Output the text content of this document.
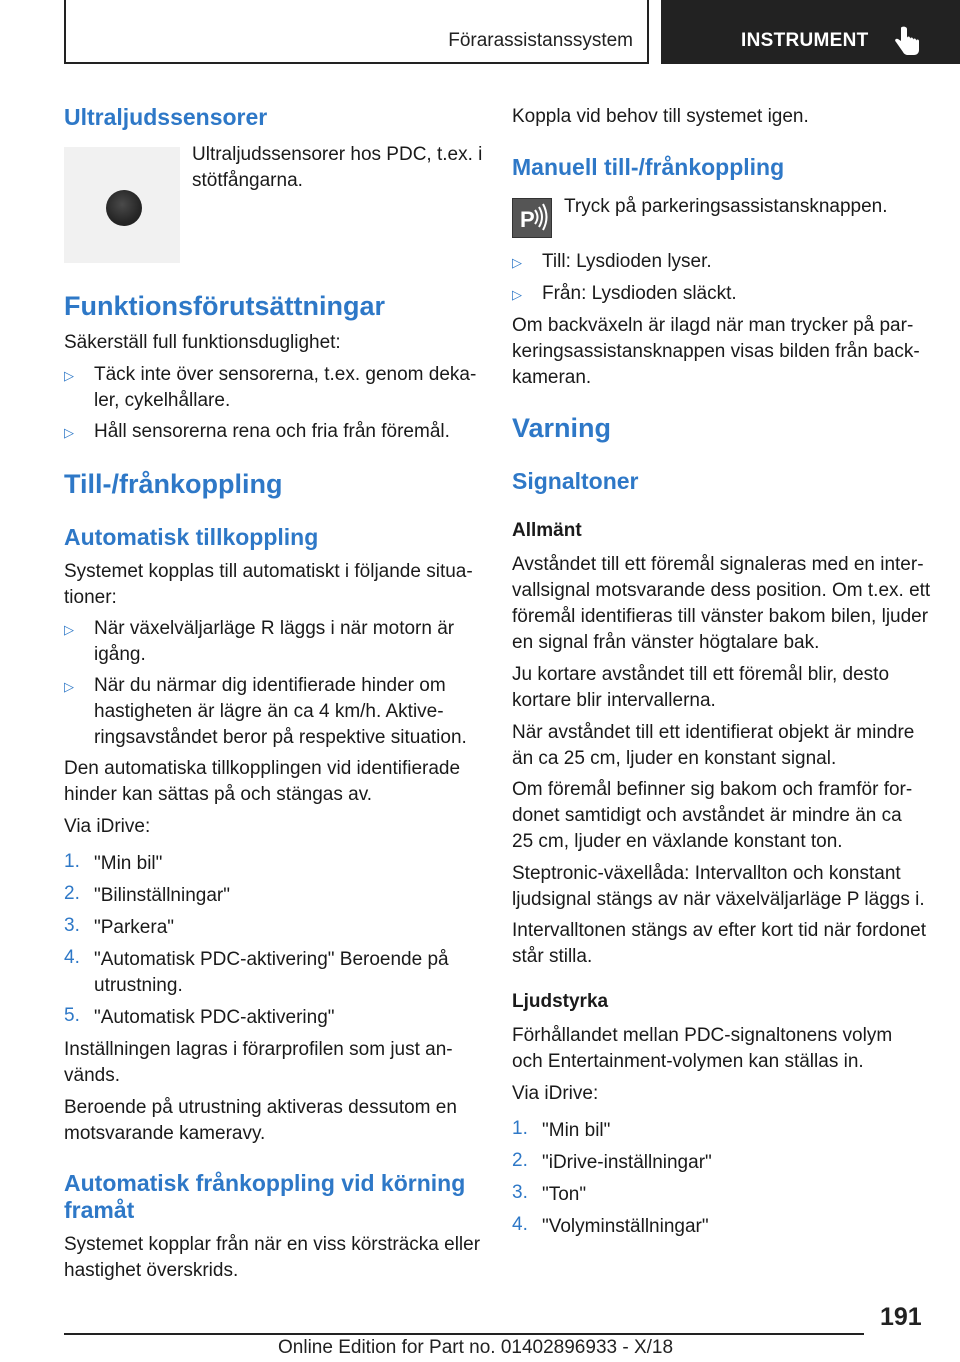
Förarassistanssystem	INSTRUMENT
Ultraljudssensorer
Ultraljudssensorer hos PDC, t.ex. i
stötfångarna.
Funktionsförutsättningar
Säkerställ full funktionsduglighet:
▷ Täck inte över sensorerna, t.ex. genom deka‐
ler, cykelhållare.
▷ Håll sensorerna rena och fria från föremål.
Till-/frånkoppling
Automatisk tillkoppling
Systemet kopplas till automatiskt i följande situa‐
tioner:
▷ När växelväljarläge R läggs i när motorn är
igång.
▷ När du närmar dig identifierade hinder om
hastigheten är lägre än ca 4 km/h. Aktive‐
ringsavståndet beror på respektive situation.
Den automatiska tillkopplingen vid identifierade
hinder kan sättas på och stängas av.
Via iDrive:
1. "Min bil"
2. "Bilinställningar"
3. "Parkera"
4. "Automatisk PDC-aktivering" Beroende på
utrustning.
5. "Automatisk PDC-aktivering"
Inställningen lagras i förarprofilen som just an‐
vänds.
Beroende på utrustning aktiveras dessutom en
motsvarande kameravy.
Automatisk frånkoppling vid körning
framåt
Systemet kopplar från när en viss körsträcka eller
hastighet överskrids.
Koppla vid behov till systemet igen.
Manuell till-/frånkoppling
P
Tryck på parkeringsassistansknappen.
▷ Till: Lysdioden lyser.
▷ Från: Lysdioden släckt.
Om backväxeln är ilagd när man trycker på par‐
keringsassistansknappen visas bilden från back‐
kameran.
Varning
Signaltoner
Allmänt
Avståndet till ett föremål signaleras med en inter‐
vallsignal motsvarande dess position. Om t.ex. ett
föremål identifieras till vänster bakom bilen, ljuder
en signal från vänster högtalare bak.
Ju kortare avståndet till ett föremål blir, desto
kortare blir intervallerna.
När avståndet till ett identifierat objekt är mindre
än ca 25 cm, ljuder en konstant signal.
Om föremål befinner sig bakom och framför for‐
donet samtidigt och avståndet är mindre än ca
25 cm, ljuder en växlande konstant ton.
Steptronic-växellåda: Intervallton och konstant
ljudsignal stängs av när växelväljarläge P läggs i.
Intervalltonen stängs av efter kort tid när fordonet
står stilla.
Ljudstyrka
Förhållandet mellan PDC-signaltonens volym
och Entertainment-volymen kan ställas in.
Via iDrive:
1. "Min bil"
2. "iDrive-inställningar"
3. "Ton"
4. "Volyminställningar"
191
Online Edition for Part no. 01402896933 - X/18
